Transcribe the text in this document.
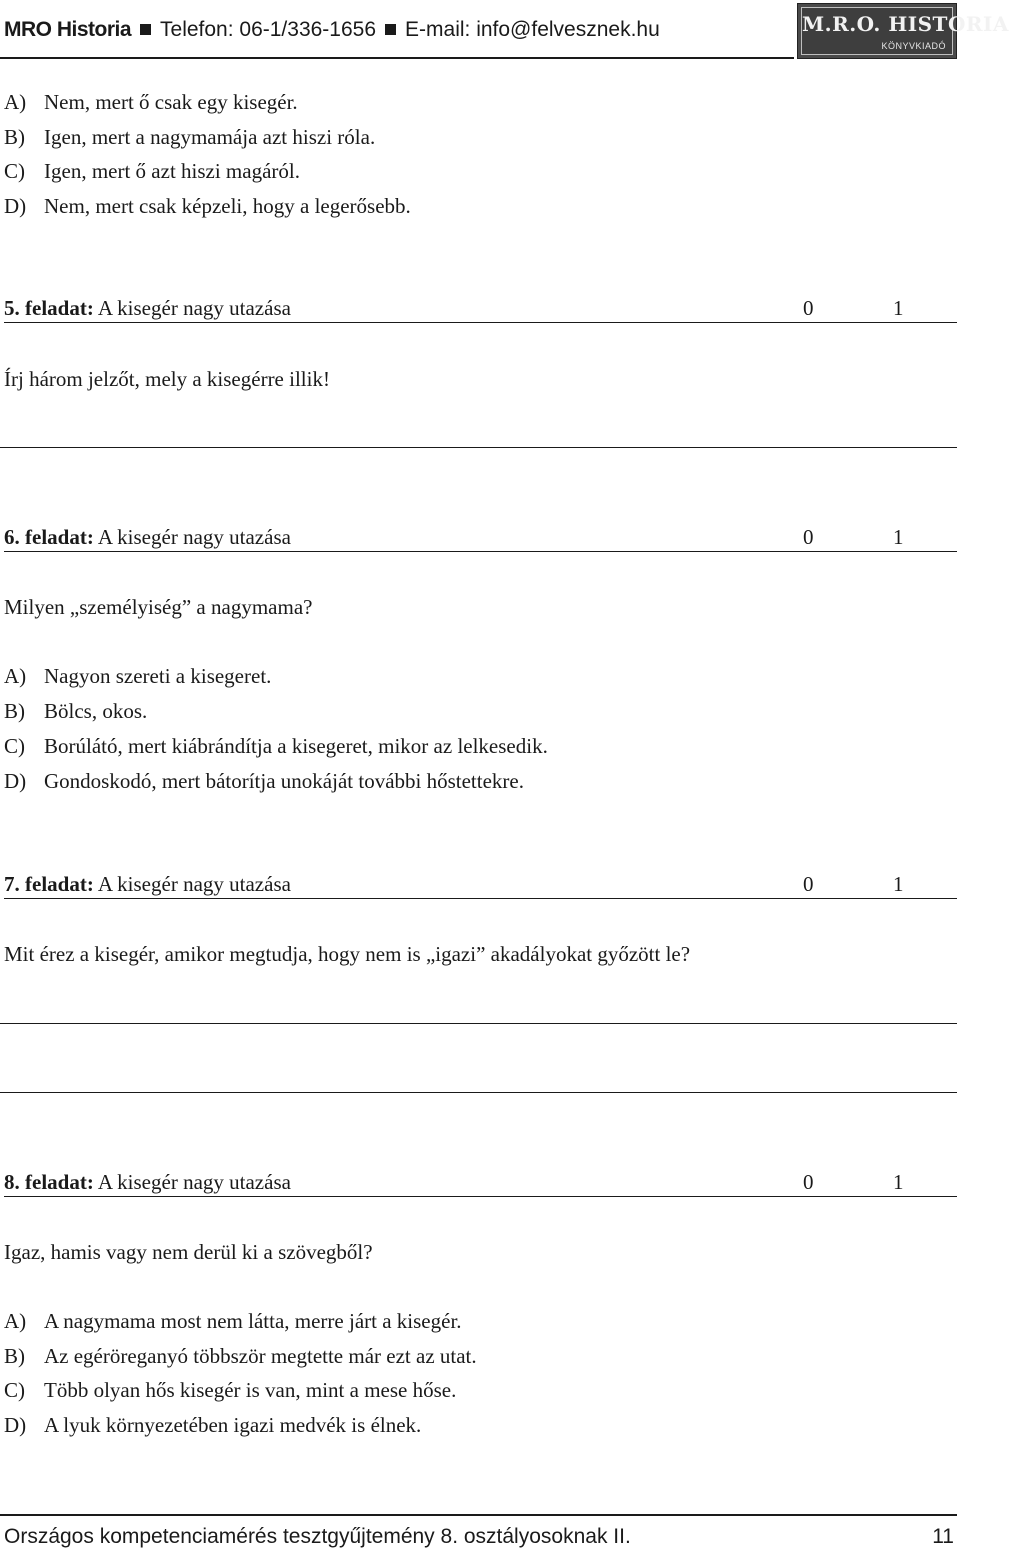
MRO Historia Telefon: 06-1/336-1656 E-mail: info@felvesznek.hu	M.R.O. HISTORIA
KÖNYVKIADÓ
A) Nem, mert ő csak egy kisegér.
B) Igen, mert a nagymamája azt hiszi róla.
C) Igen, mert ő azt hiszi magáról.
D) Nem, mert csak képzeli, hogy a legerősebb.
5. feladat: A kisegér nagy utazása	0	1
Írj három jelzőt, mely a kisegérre illik!
6. feladat: A kisegér nagy utazása	0	1
Milyen „személyiség” a nagymama?
A) Nagyon szereti a kisegeret.
B) Bölcs, okos.
C) Borúlátó, mert kiábrándítja a kisegeret, mikor az lelkesedik.
D) Gondoskodó, mert bátorítja unokáját további hőstettekre.
7. feladat: A kisegér nagy utazása	0	1
Mit érez a kisegér, amikor megtudja, hogy nem is „igazi” akadályokat győzött le?
8. feladat: A kisegér nagy utazása	0	1
Igaz, hamis vagy nem derül ki a szövegből?
A) A nagymama most nem látta, merre járt a kisegér.
B) Az egéröreganyó többször megtette már ezt az utat.
C) Több olyan hős kisegér is van, mint a mese hőse.
D) A lyuk környezetében igazi medvék is élnek.
Országos kompetenciamérés tesztgyűjtemény 8. osztályosoknak II.	11
